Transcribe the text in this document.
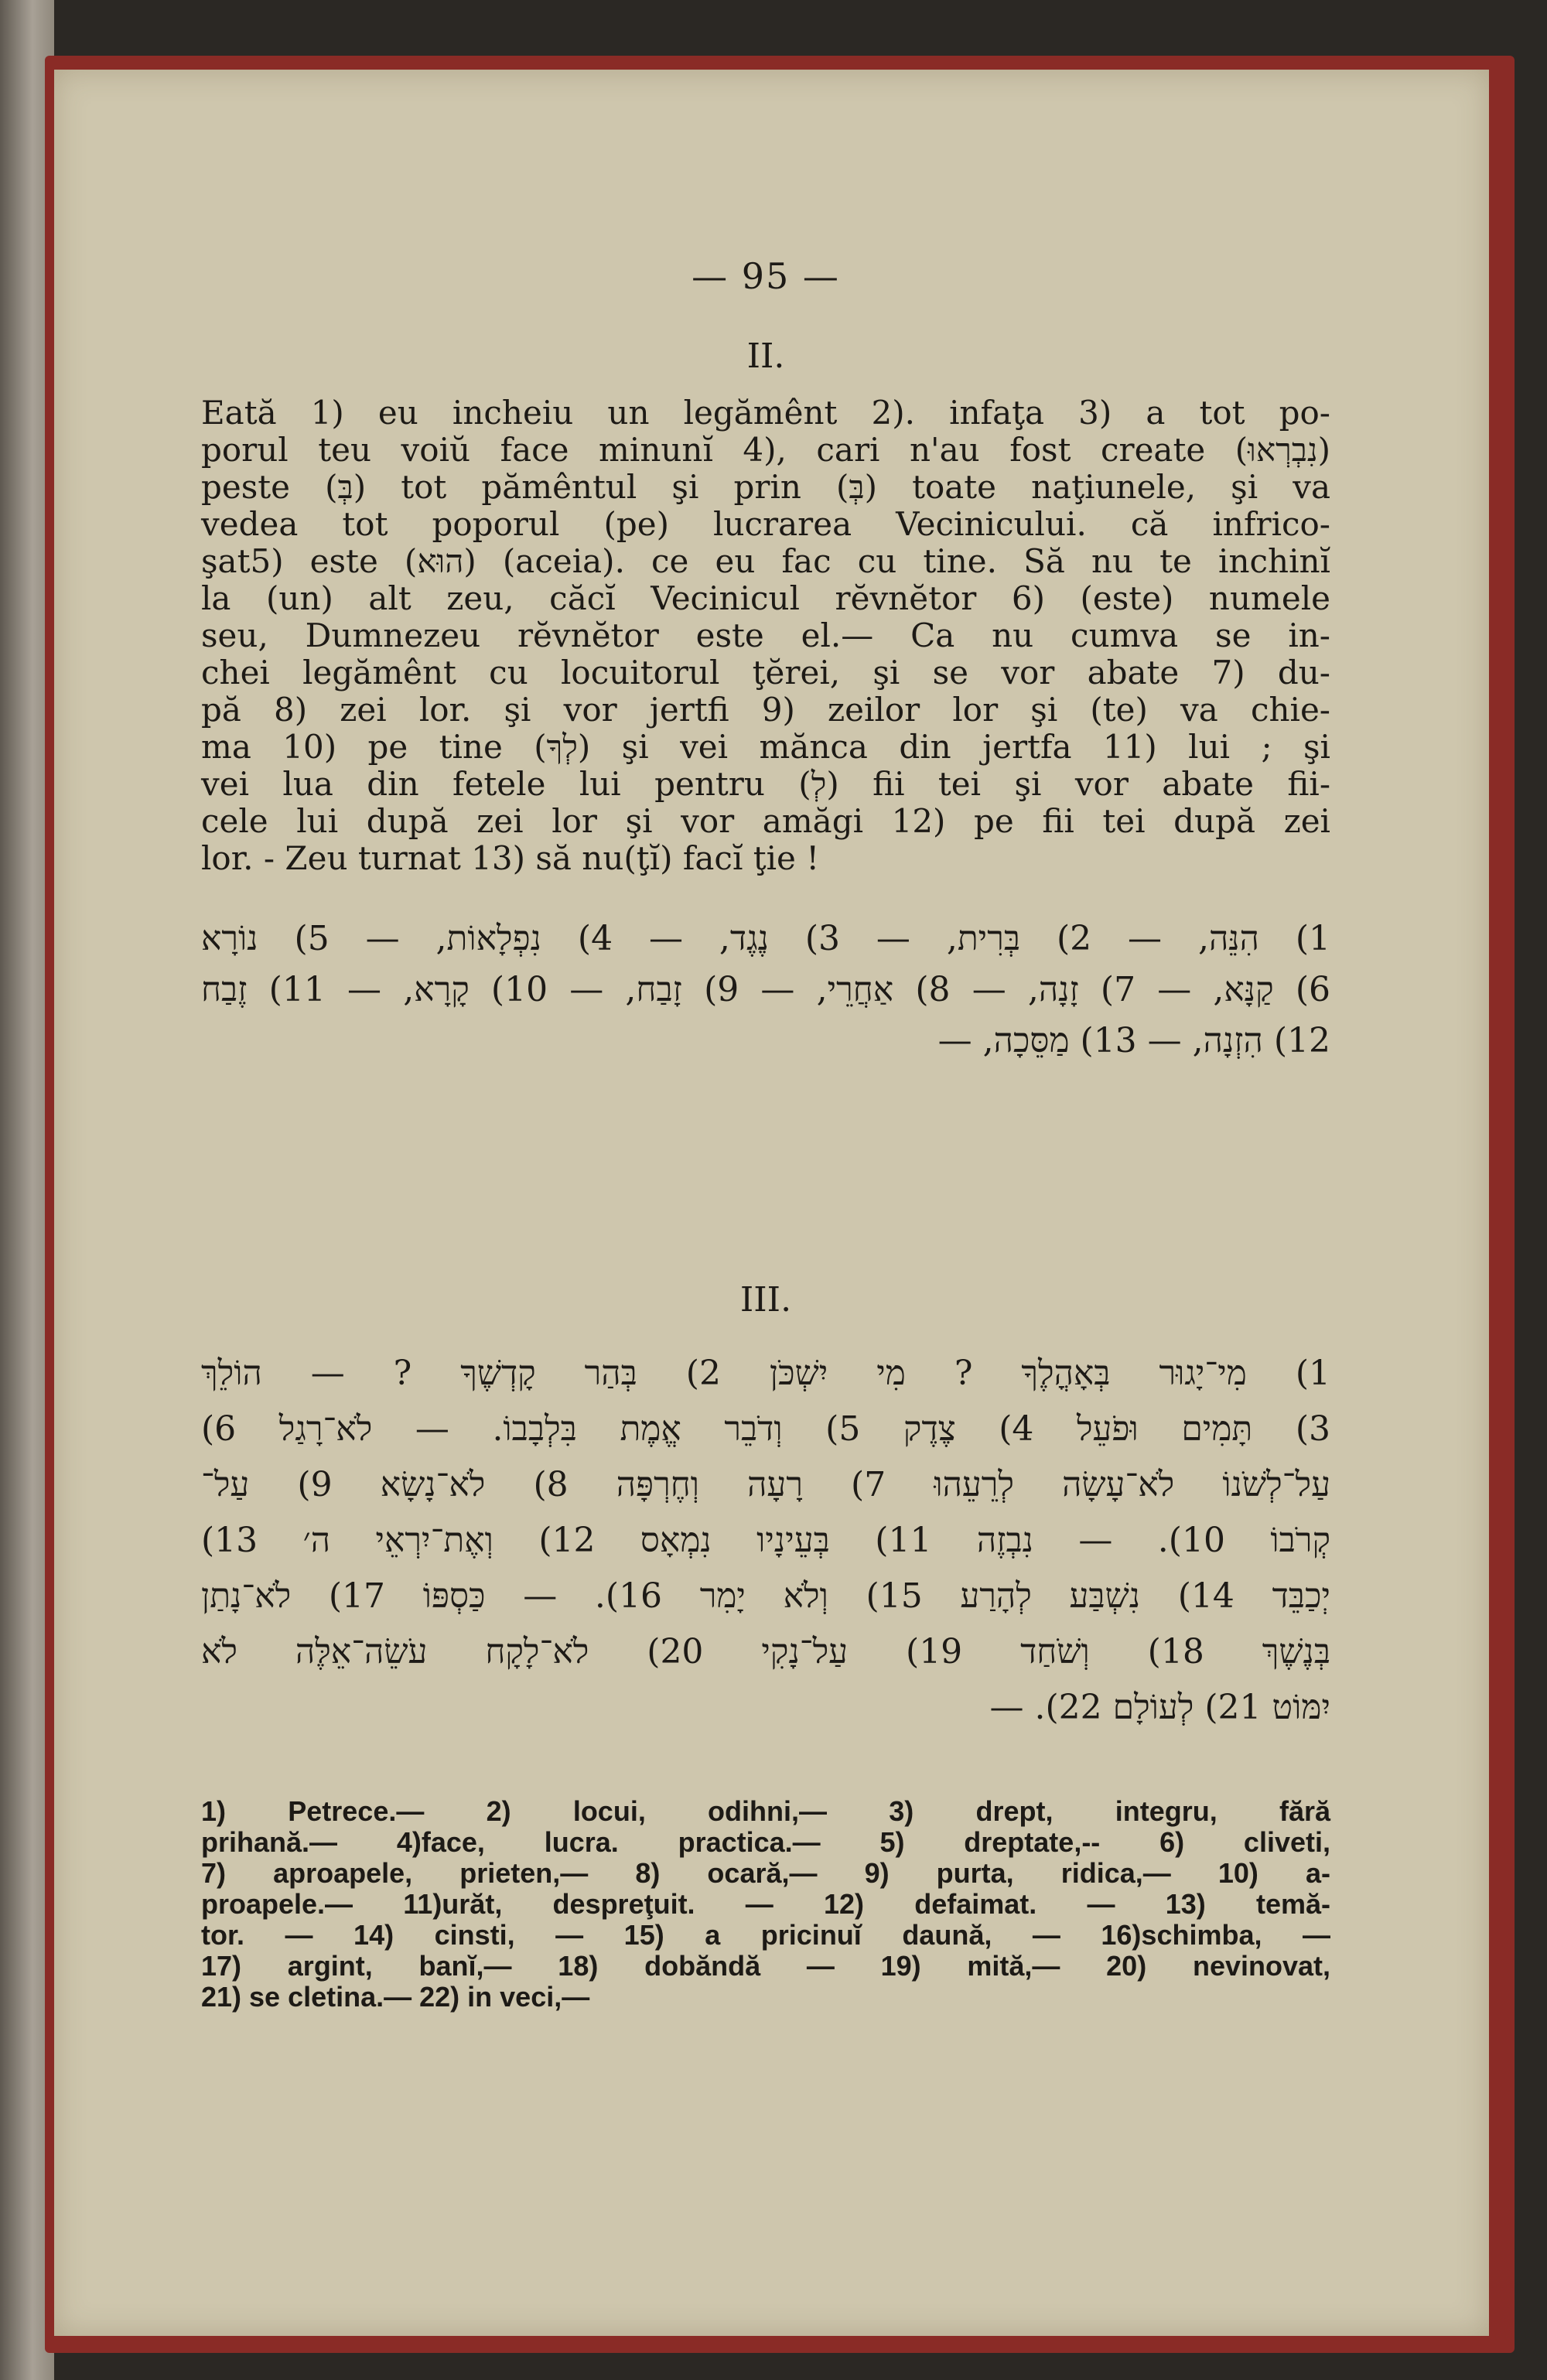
— 95 —
II.
Eată 1) eu incheiu un legămênt 2). infaţa 3) a tot po-
porul teu voiŭ face minunĭ 4), cari n'au fost create (נִבְרְאוּ)
peste (בְּ) tot pămêntul şi prin (בְּ) toate naţiunele, şi va
vedea tot poporul (pe) lucrarea Vecinicului. că infrico-
şat5) este (הוּא) (aceia). ce eu fac cu tine. Să nu te inchinĭ
la (un) alt zeu, căcĭ Vecinicul rĕvnĕtor 6) (este) numele
seu, Dumnezeu rĕvnĕtor este el.— Ca nu cumva se in-
chei legămênt cu locuitorul ţĕrei, şi se vor abate 7) du-
pă 8) zei lor. şi vor jertfi 9) zeilor lor şi (te) va chie-
ma 10) pe tine (לְךָ) şi vei mănca din jertfa 11) lui ; şi
vei lua din fetele lui pentru (לְ) fii tei şi vor abate fii-
cele lui după zei lor şi vor amăgi 12) pe fii tei după zei
lor. - Zeu turnat 13) să nu(ţĭ) facĭ ţie !
1) הִנֵּה, — 2) בְּרִית, — 3) נֶגֶד, — 4) נִפְלָאוֹת, — 5) נוֹרָא
6) קַנָּא, — 7) זָנָה, — 8) אַחֲרֵי, — 9) זָבַח, — 10) קָרָא, — 11) זֶבַח
12) הִזְנָה, — 13) מַסֵּכָה, —
III.
1) מִי־יָגוּר בְּאָהֳלֶךָ ? מִי יִשְׁכֹּן 2) בְּהַר קָדְשֶׁךָ ? — הוֹלֵךְ
3) תָּמִים וּפֹעֵל 4) צֶדֶק 5) וְדֹבֵר אֱמֶת בִּלְבָבוֹ. — לֹא־רָגַל 6)
עַל־לְשֹׁנוֹ לֹא־עָשָׂה לְרֵעֵהוּ 7) רָעָה וְחֶרְפָּה 8) לֹא־נָשָׂא 9) עַל־
קְרֹבוֹ 10). — נִבְזֶה 11) בְּעֵינָיו נִמְאָס 12) וְאֶת־יִרְאֵי ה׳ 13)
יְכַבֵּד 14) נִשְׁבַּע לְהָרַע 15) וְלֹא יָמִר 16). — כַּסְפּוֹ 17) לֹא־נָתַן
בְּנֶשֶׁךְ 18) וְשֹׁחַד 19) עַל־נָקִי 20) לֹא־לָקָח עֹשֵׂה־אֵלֶּה לֹא
יִמּוֹט 21) לְעוֹלָם 22). —
1) Petrece.— 2) locui, odihni,— 3) drept, integru, fără
prihană.— 4)face, lucra. practica.— 5) dreptate,-- 6) cliveti,
7) aproapele, prieten,— 8) ocară,— 9) purta, ridica,— 10) a-
proapele.— 11)urăt, despreţuit. — 12) defaimat. — 13) temă-
tor. — 14) cinsti, — 15) a pricinuĭ daună, — 16)schimba, —
17) argint, banĭ,— 18) dobăndă — 19) mită,— 20) nevinovat,
21) se cletina.— 22) in veci,—
